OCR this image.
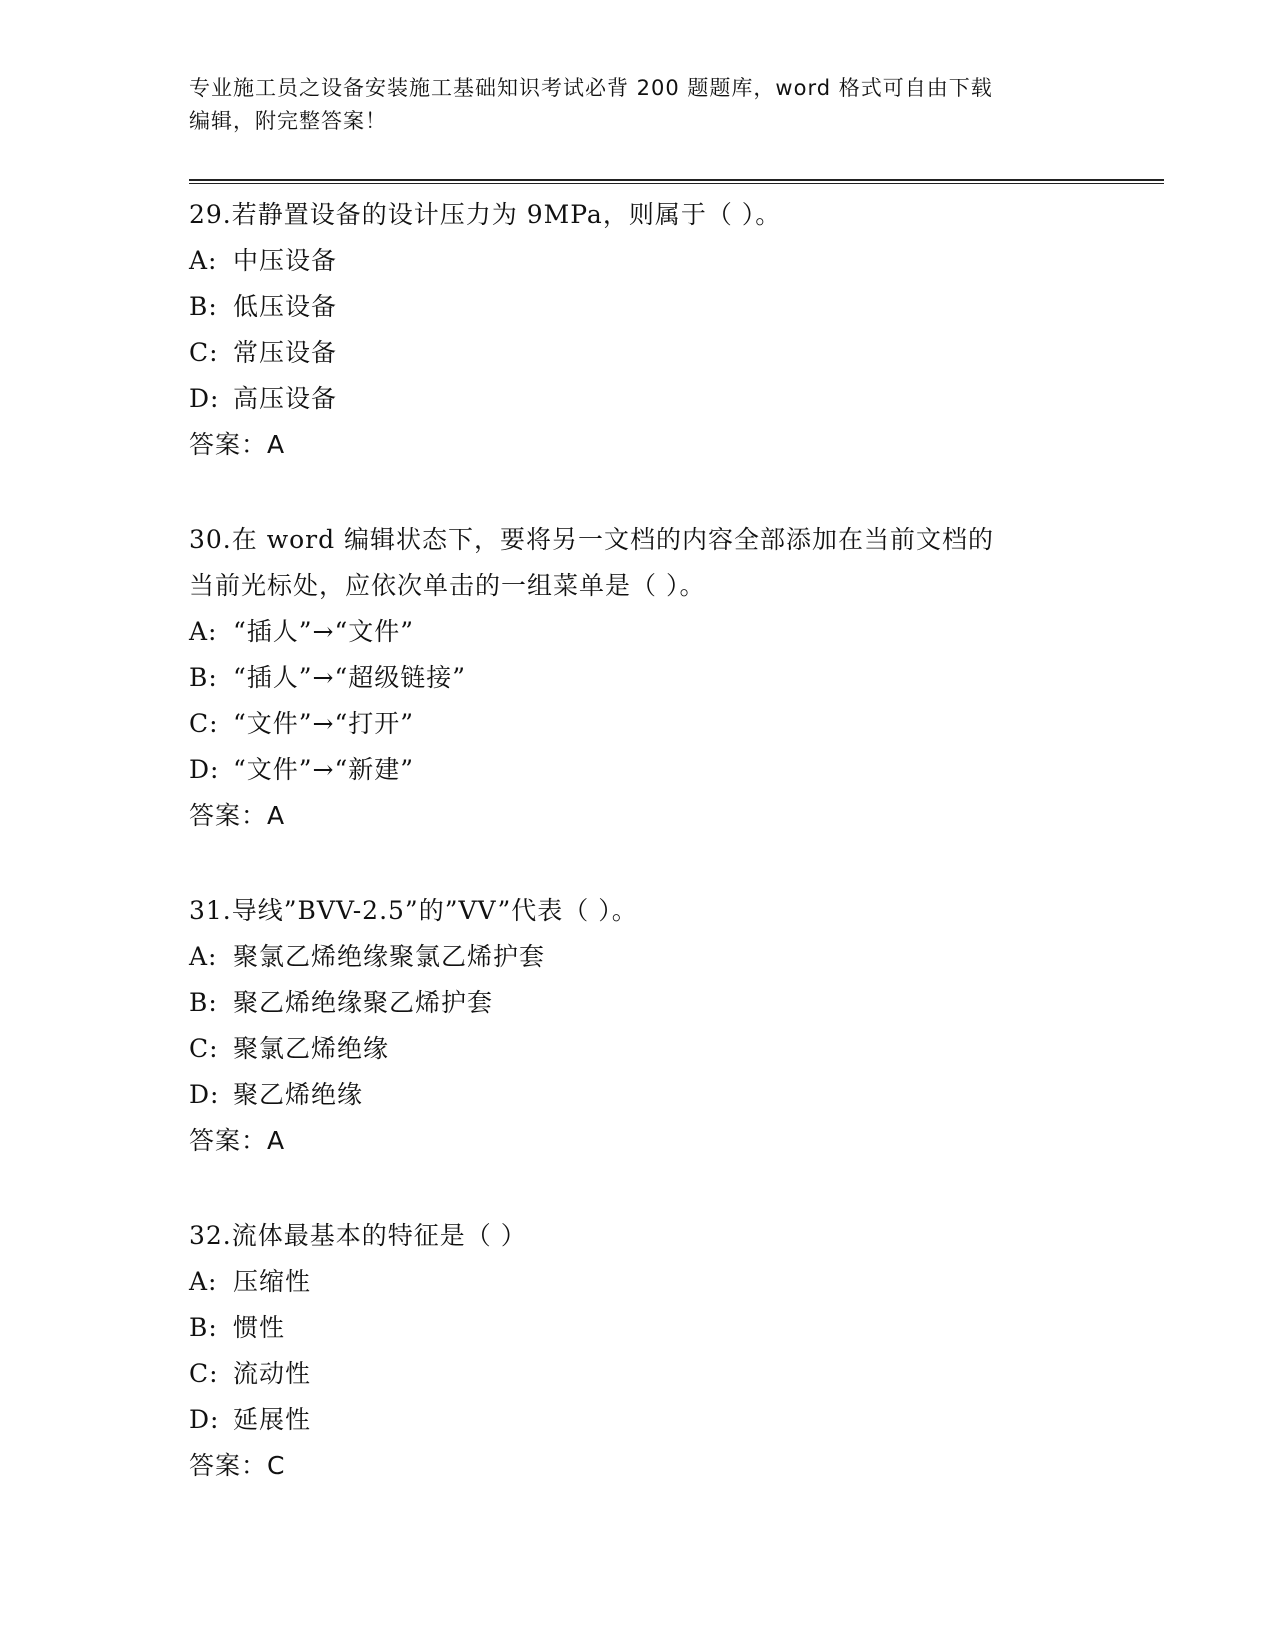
专业施工员之设备安装施工基础知识考试必背 200 题题库，word 格式可自由下载
编辑，附完整答案！
29.若静置设备的设计压力为 9MPa，则属于（ ）。
A: 中压设备
B: 低压设备
C: 常压设备
D: 高压设备
答案：A
30.在 word 编辑状态下，要将另一文档的内容全部添加在当前文档的
当前光标处，应依次单击的一组菜单是（ ）。
A: “插人”→“文件”
B: “插人”→“超级链接”
C: “文件”→“打开”
D: “文件”→“新建”
答案：A
31.导线”BVV-2.5”的”VV”代表（ ）。
A: 聚氯乙烯绝缘聚氯乙烯护套
B: 聚乙烯绝缘聚乙烯护套
C: 聚氯乙烯绝缘
D: 聚乙烯绝缘
答案：A
32.流体最基本的特征是（ ）
A: 压缩性
B: 惯性
C: 流动性
D: 延展性
答案：C
